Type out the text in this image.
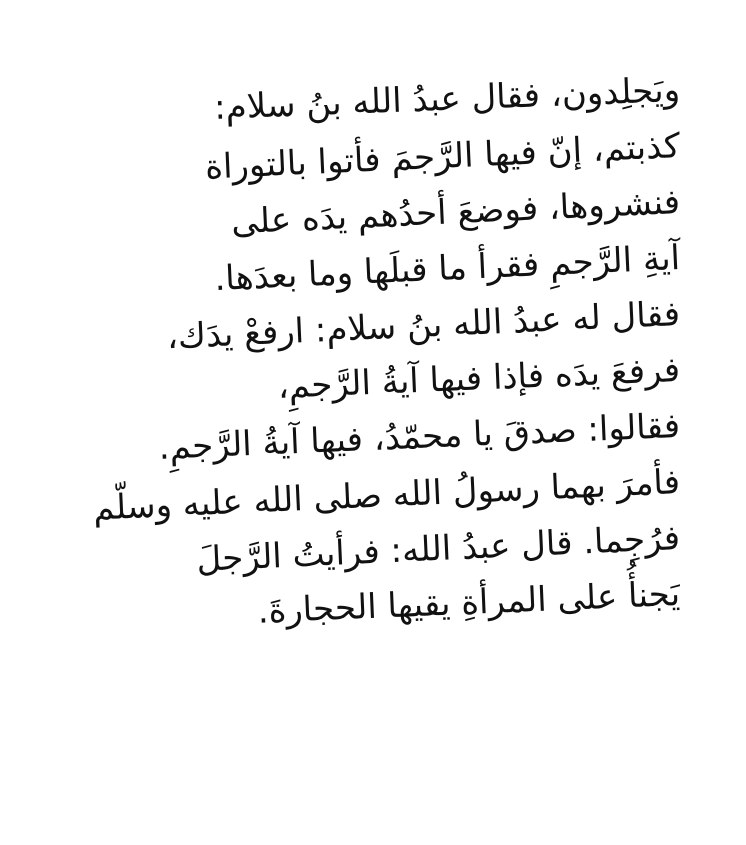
ويَجلِدون، فقال عبدُ الله بنُ سلام:
كذبتم، إنّ فيها الرَّجمَ فأتوا بالتوراة
فنشروها، فوضعَ أحدُهم يدَه على
آيةِ الرَّجمِ فقرأ ما قبلَها وما بعدَها.
فقال له عبدُ الله بنُ سلام: ارفعْ يدَك،
فرفعَ يدَه فإذا فيها آيةُ الرَّجمِ،
فقالوا: صدقَ يا محمّدُ، فيها آيةُ الرَّجمِ.
فأمرَ بهما رسولُ الله صلى الله عليه وسلّم
فرُجِما. قال عبدُ الله: فرأيتُ الرَّجلَ
يَجنأُ على المرأةِ يقيها الحجارةَ.
